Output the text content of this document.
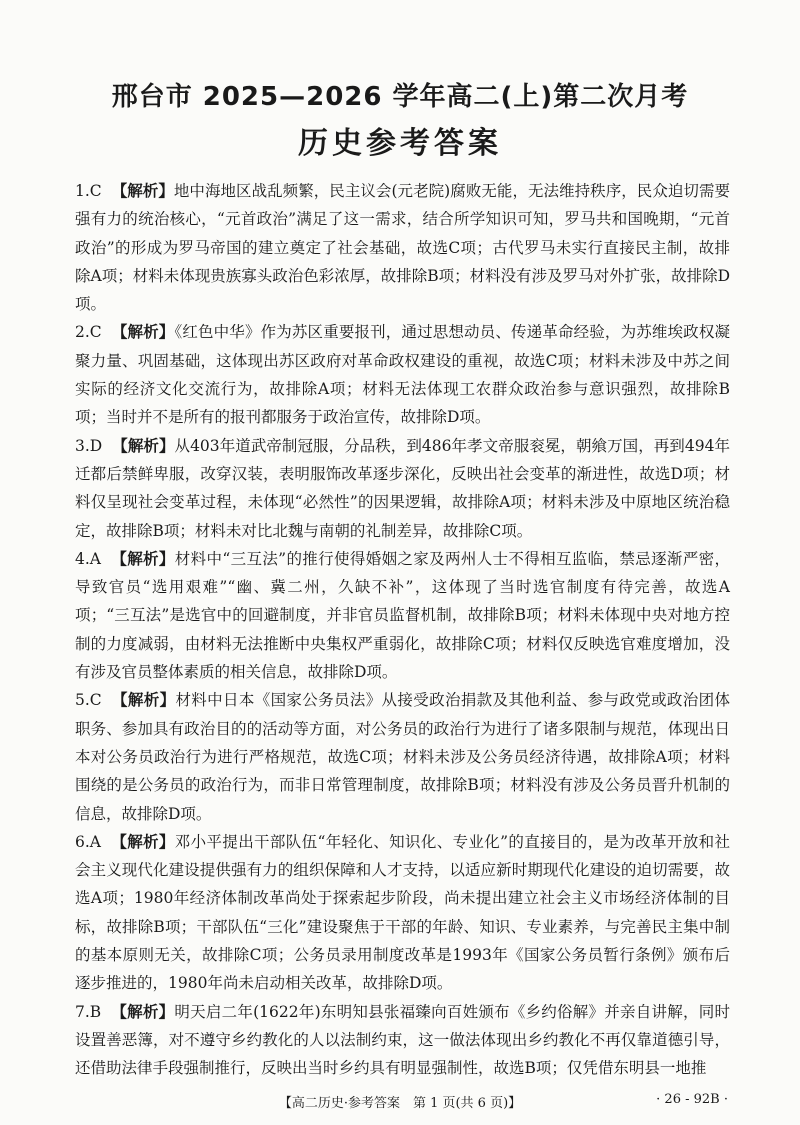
邢台市 2025—2026 学年高二(上)第二次月考
历史参考答案

1.C 【解析】地中海地区战乱频繁，民主议会(元老院)腐败无能，无法维持秩序，民众迫切需要强有力的统治核心，“元首政治”满足了这一需求，结合所学知识可知，罗马共和国晚期，“元首政治”的形成为罗马帝国的建立奠定了社会基础，故选C项；古代罗马未实行直接民主制，故排除A项；材料未体现贵族寡头政治色彩浓厚，故排除B项；材料没有涉及罗马对外扩张，故排除D项。

2.C 【解析】《红色中华》作为苏区重要报刊，通过思想动员、传递革命经验，为苏维埃政权凝聚力量、巩固基础，这体现出苏区政府对革命政权建设的重视，故选C项；材料未涉及中苏之间实际的经济文化交流行为，故排除A项；材料无法体现工农群众政治参与意识强烈，故排除B项；当时并不是所有的报刊都服务于政治宣传，故排除D项。

3.D 【解析】从403年道武帝制冠服，分品秩，到486年孝文帝服衮冕，朝飨万国，再到494年迁都后禁鲜卑服，改穿汉装，表明服饰改革逐步深化，反映出社会变革的渐进性，故选D项；材料仅呈现社会变革过程，未体现“必然性”的因果逻辑，故排除A项；材料未涉及中原地区统治稳定，故排除B项；材料未对比北魏与南朝的礼制差异，故排除C项。

4.A 【解析】材料中“三互法”的推行使得婚姻之家及两州人士不得相互监临，禁忌逐渐严密，导致官员“选用艰难”“幽、冀二州，久缺不补”，这体现了当时选官制度有待完善，故选A项；“三互法”是选官中的回避制度，并非官员监督机制，故排除B项；材料未体现中央对地方控制的力度减弱，由材料无法推断中央集权严重弱化，故排除C项；材料仅反映选官难度增加，没有涉及官员整体素质的相关信息，故排除D项。

5.C 【解析】材料中日本《国家公务员法》从接受政治捐款及其他利益、参与政党或政治团体职务、参加具有政治目的的活动等方面，对公务员的政治行为进行了诸多限制与规范，体现出日本对公务员政治行为进行严格规范，故选C项；材料未涉及公务员经济待遇，故排除A项；材料围绕的是公务员的政治行为，而非日常管理制度，故排除B项；材料没有涉及公务员晋升机制的信息，故排除D项。

6.A 【解析】邓小平提出干部队伍“年轻化、知识化、专业化”的直接目的，是为改革开放和社会主义现代化建设提供强有力的组织保障和人才支持，以适应新时期现代化建设的迫切需要，故选A项；1980年经济体制改革尚处于探索起步阶段，尚未提出建立社会主义市场经济体制的目标，故排除B项；干部队伍“三化”建设聚焦于干部的年龄、知识、专业素养，与完善民主集中制的基本原则无关，故排除C项；公务员录用制度改革是1993年《国家公务员暂行条例》颁布后逐步推进的，1980年尚未启动相关改革，故排除D项。

7.B 【解析】明天启二年(1622年)东明知县张福臻向百姓颁布《乡约俗解》并亲自讲解，同时设置善恶簿，对不遵守乡约教化的人以法制约束，这一做法体现出乡约教化不再仅靠道德引导，还借助法律手段强制推行，反映出当时乡约具有明显强制性，故选B项；仅凭借东明县一地推

【高二历史·参考答案　第 1 页(共 6 页)】	· 26 - 92B ·
